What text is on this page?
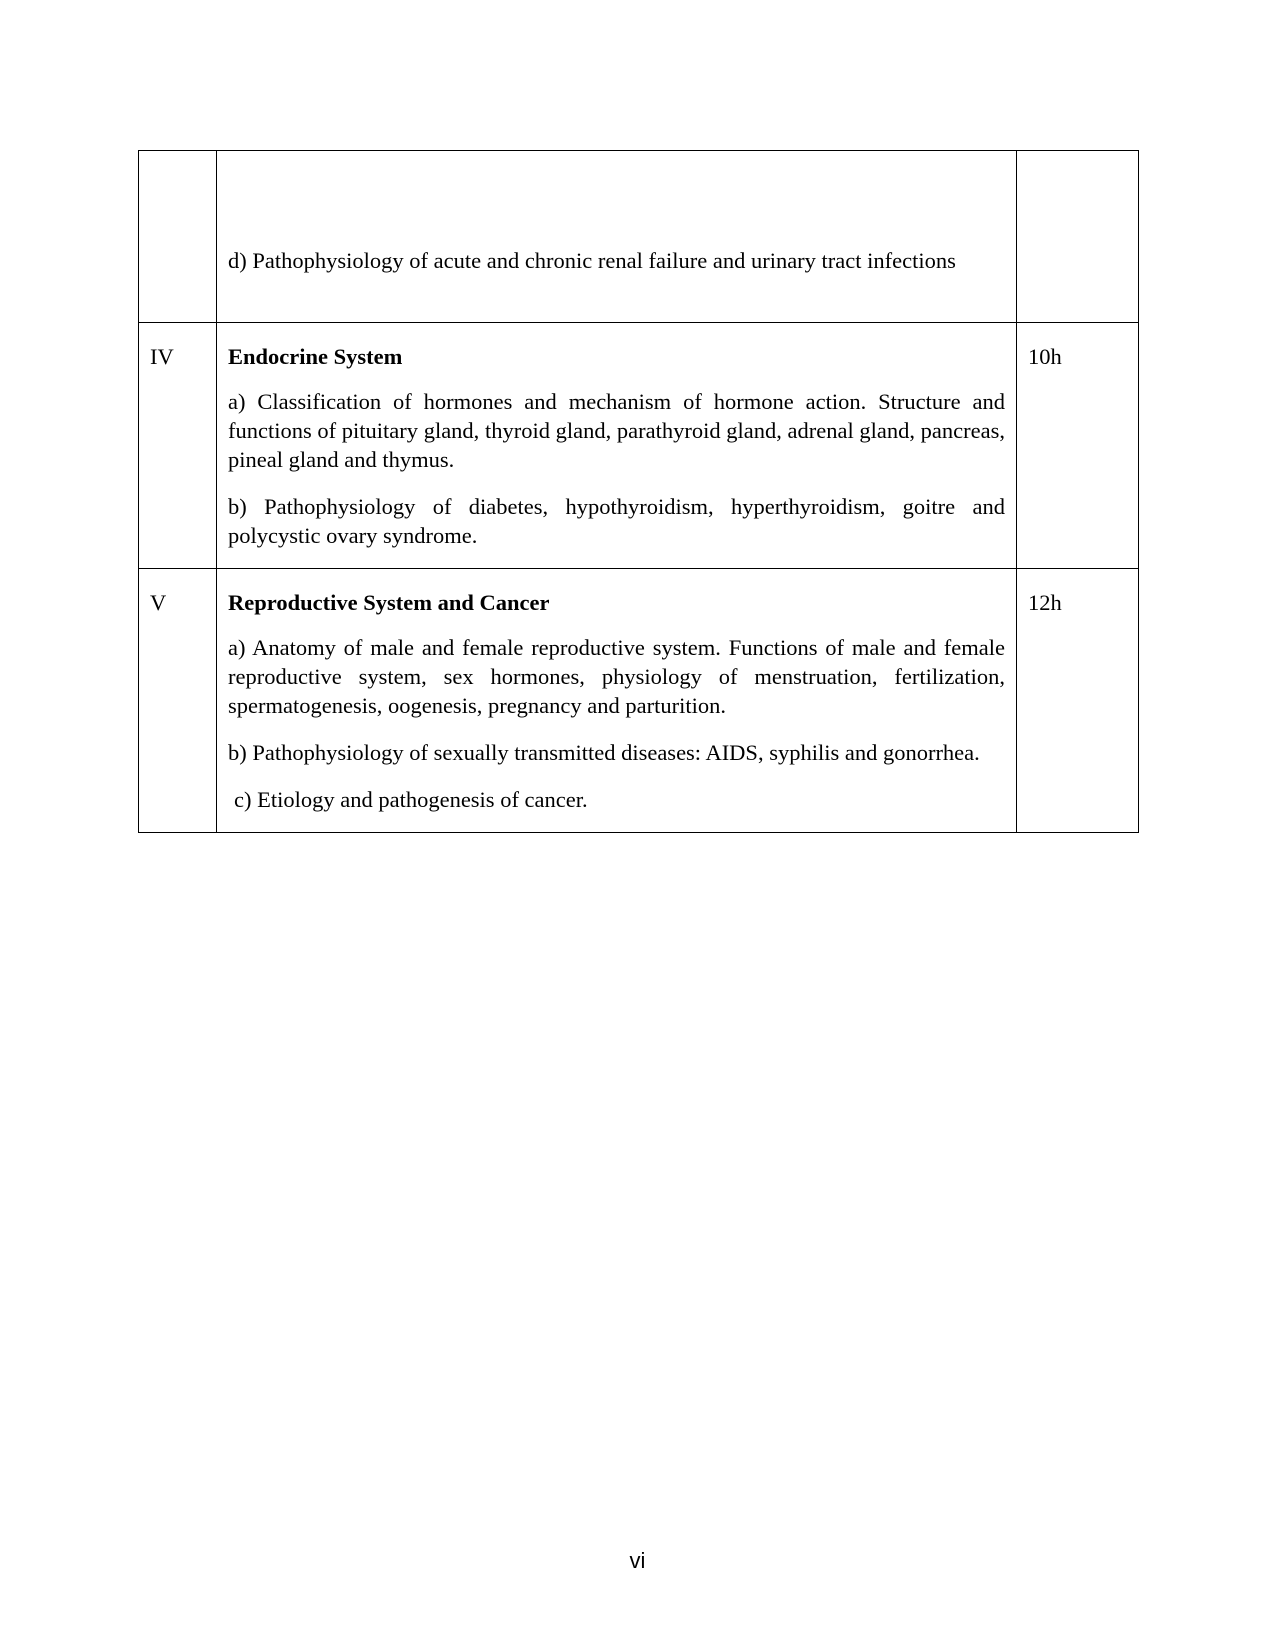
	d) Pathophysiology of acute and chronic renal failure and urinary tract infections	

IV	Endocrine System

a) Classification of hormones and mechanism of hormone action. Structure and functions of pituitary gland, thyroid gland, parathyroid gland, adrenal gland, pancreas, pineal gland and thymus.

b) Pathophysiology of diabetes, hypothyroidism, hyperthyroidism, goitre and polycystic ovary syndrome.	10h
V	Reproductive System and Cancer

a) Anatomy of male and female reproductive system. Functions of male and female reproductive system, sex hormones, physiology of menstruation, fertilization, spermatogenesis, oogenesis, pregnancy and parturition.

b) Pathophysiology of sexually transmitted diseases: AIDS, syphilis and gonorrhea.

c) Etiology and pathogenesis of cancer.	12h
vi
